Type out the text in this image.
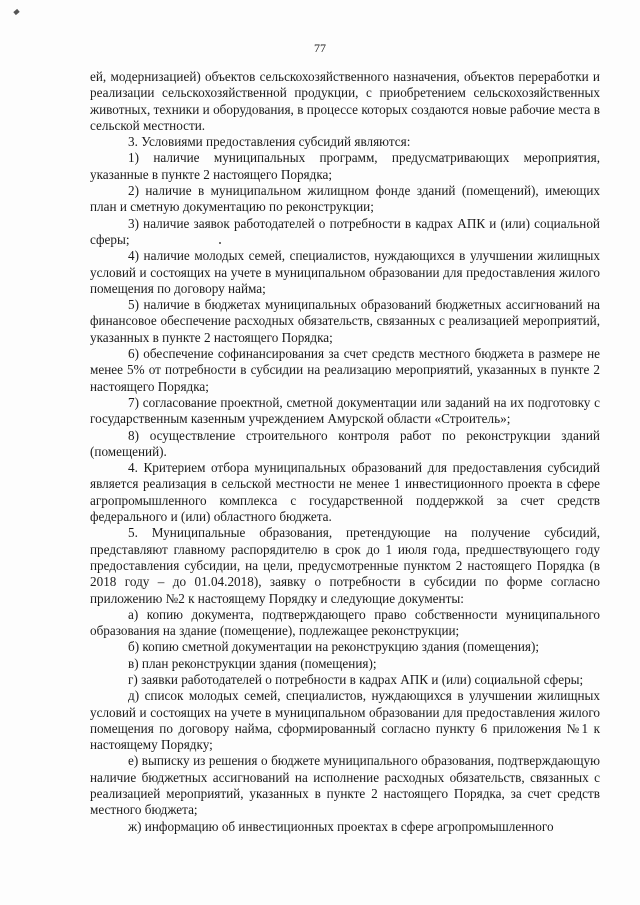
77

ей, модернизацией) объектов сельскохозяйственного назначения, объектов переработки и реализации сельскохозяйственной продукции, с приобретением сельскохозяйственных животных, техники и оборудования, в процессе которых создаются новые рабочие места в сельской местности.

3. Условиями предоставления субсидий являются:

1) наличие муниципальных программ, предусматривающих мероприятия, указанные в пункте 2 настоящего Порядка;

2) наличие в муниципальном жилищном фонде зданий (помещений), имеющих план и сметную документацию по реконструкции;

3) наличие заявок работодателей о потребности в кадрах АПК и (или) социальной сферы;

4) наличие молодых семей, специалистов, нуждающихся в улучшении жилищных условий и состоящих на учете в муниципальном образовании для предоставления жилого помещения по договору найма;

5) наличие в бюджетах муниципальных образований бюджетных ассигнований на финансовое обеспечение расходных обязательств, связанных с реализацией мероприятий, указанных в пункте 2 настоящего Порядка;

6) обеспечение софинансирования за счет средств местного бюджета в размере не менее 5% от потребности в субсидии на реализацию мероприятий, указанных в пункте 2 настоящего Порядка;

7) согласование проектной, сметной документации или заданий на их подготовку с государственным казенным учреждением Амурской области «Строитель»;

8) осуществление строительного контроля работ по реконструкции зданий (помещений).

4. Критерием отбора муниципальных образований для предоставления субсидий является реализация в сельской местности не менее 1 инвестиционного проекта в сфере агропромышленного комплекса с государственной поддержкой за счет средств федерального и (или) областного бюджета.

5. Муниципальные образования, претендующие на получение субсидий, представляют главному распорядителю в срок до 1 июля года, предшествующего году предоставления субсидии, на цели, предусмотренные пунктом 2 настоящего Порядка (в 2018 году – до 01.04.2018), заявку о потребности в субсидии по форме согласно приложению №2 к настоящему Порядку и следующие документы:

а) копию документа, подтверждающего право собственности муниципального образования на здание (помещение), подлежащее реконструкции;

б) копию сметной документации на реконструкцию здания (помещения);

в) план реконструкции здания (помещения);

г) заявки работодателей о потребности в кадрах АПК и (или) социальной сферы;

д) список молодых семей, специалистов, нуждающихся в улучшении жилищных условий и состоящих на учете в муниципальном образовании для предоставления жилого помещения по договору найма, сформированный согласно пункту 6 приложения №1 к настоящему Порядку;

е) выписку из решения о бюджете муниципального образования, подтверждающую наличие бюджетных ассигнований на исполнение расходных обязательств, связанных с реализацией мероприятий, указанных в пункте 2 настоящего Порядка, за счет средств местного бюджета;

ж) информацию об инвестиционных проектах в сфере агропромышленного
